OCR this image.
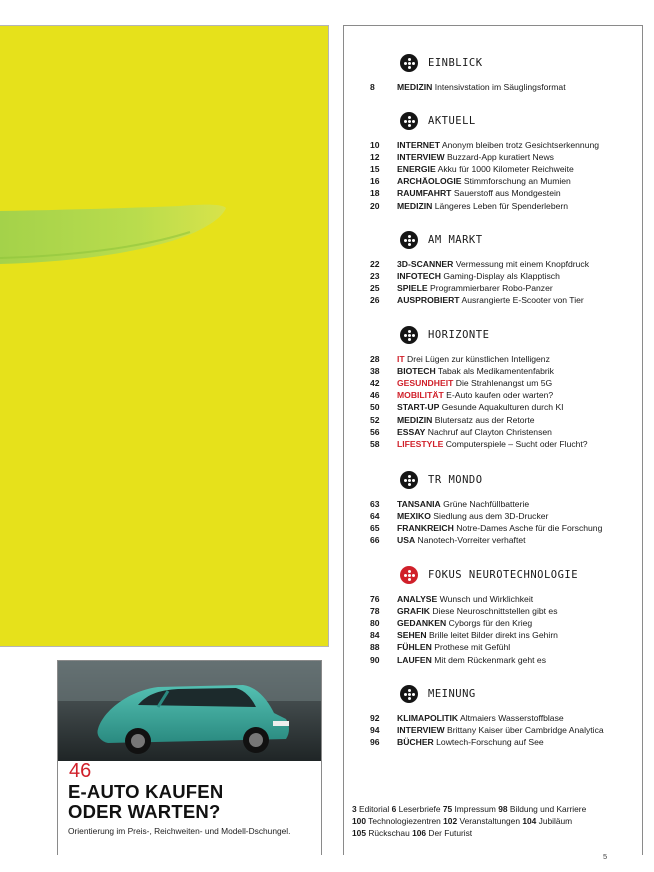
46
E-AUTO KAUFEN
ODER WARTEN?
Orientierung im Preis-, Reichweiten- und Modell-Dschungel.
EINBLICK
8	MEDIZIN Intensivstation im Säuglingsformat
AKTUELL
10	INTERNET Anonym bleiben trotz Gesichtserkennung
12	INTERVIEW Buzzard-App kuratiert News
15	ENERGIE Akku für 1000 Kilometer Reichweite
16	ARCHÄOLOGIE Stimmforschung an Mumien
18	RAUMFAHRT Sauerstoff aus Mondgestein
20	MEDIZIN Längeres Leben für Spenderlebern
AM MARKT
22	3D-SCANNER Vermessung mit einem Knopfdruck
23	INFOTECH Gaming-Display als Klapptisch
25	SPIELE Programmierbarer Robo-Panzer
26	AUSPROBIERT Ausrangierte E-Scooter von Tier
HORIZONTE
28	IT Drei Lügen zur künstlichen Intelligenz
38	BIOTECH Tabak als Medikamentenfabrik
42	GESUNDHEIT Die Strahlenangst um 5G
46	MOBILITÄT E-Auto kaufen oder warten?
50	START-UP Gesunde Aquakulturen durch KI
52	MEDIZIN Blutersatz aus der Retorte
56	ESSAY Nachruf auf Clayton Christensen
58	LIFESTYLE Computerspiele – Sucht oder Flucht?
TR MONDO
63	TANSANIA Grüne Nachfüllbatterie
64	MEXIKO Siedlung aus dem 3D-Drucker
65	FRANKREICH Notre-Dames Asche für die Forschung
66	USA Nanotech-Vorreiter verhaftet
FOKUS NEUROTECHNOLOGIE
76	ANALYSE Wunsch und Wirklichkeit
78	GRAFIK Diese Neuroschnittstellen gibt es
80	GEDANKEN Cyborgs für den Krieg
84	SEHEN Brille leitet Bilder direkt ins Gehirn
88	FÜHLEN Prothese mit Gefühl
90	LAUFEN Mit dem Rückenmark geht es
MEINUNG
92	KLIMAPOLITIK Altmaiers Wasserstoffblase
94	INTERVIEW Brittany Kaiser über Cambridge Analytica
96	BÜCHER Lowtech-Forschung auf See
3 Editorial 6 Leserbriefe 75 Impressum 98 Bildung und Karriere
100 Technologiezentren 102 Veranstaltungen 104 Jubiläum
105 Rückschau 106 Der Futurist
5
